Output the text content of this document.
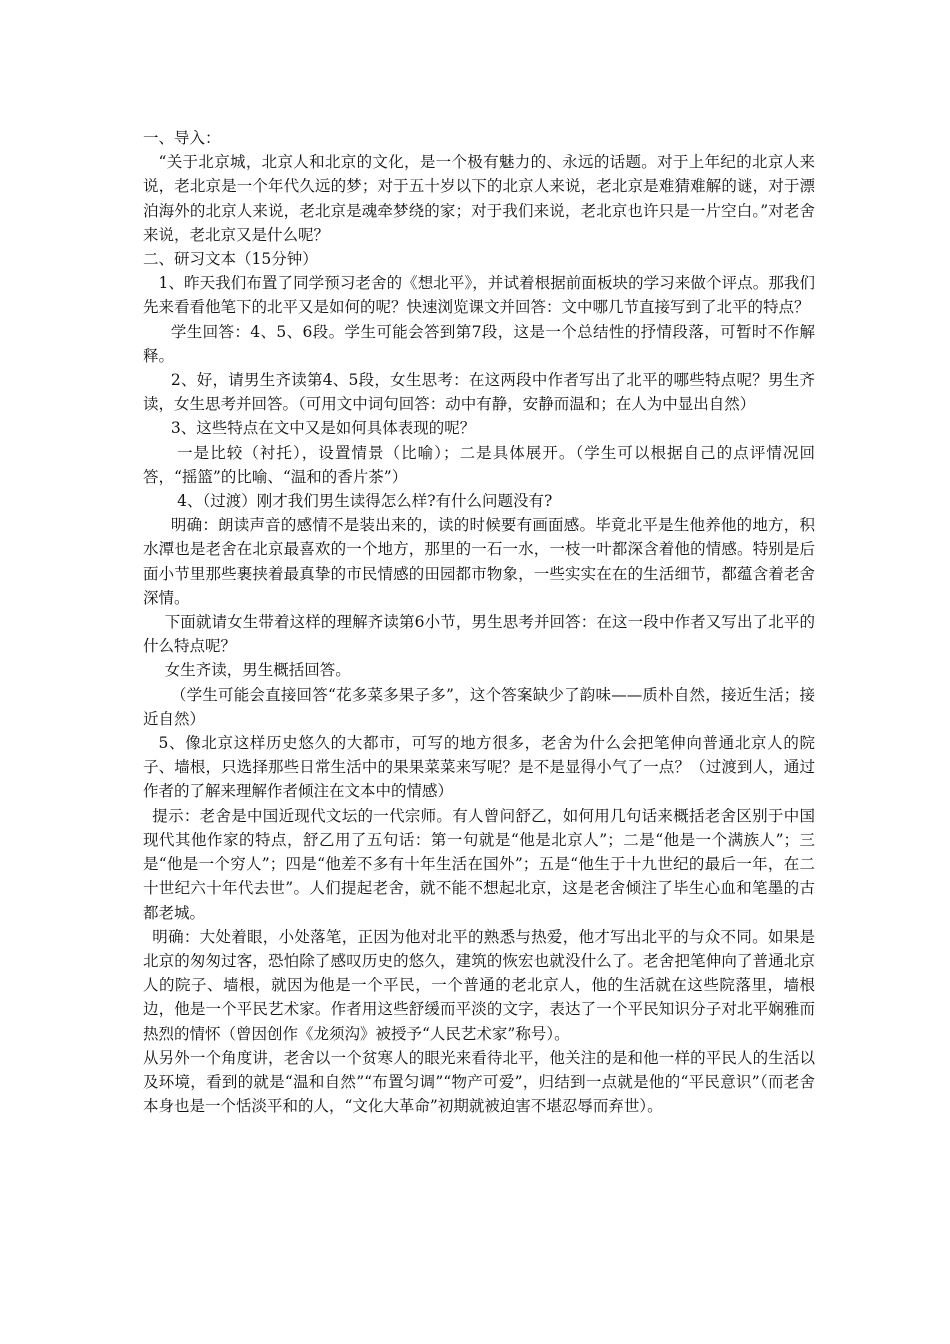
一、导入：

“关于北京城，北京人和北京的文化，是一个极有魅力的、永远的话题。对于上年纪的北京人来说，老北京是一个年代久远的梦；对于五十岁以下的北京人来说，老北京是难猜难解的谜，对于漂泊海外的北京人来说，老北京是魂牵梦绕的家；对于我们来说，老北京也许只是一片空白。”对老舍来说，老北京又是什么呢？

二、研习文本（15分钟）

1、昨天我们布置了同学预习老舍的《想北平》，并试着根据前面板块的学习来做个评点。那我们先来看看他笔下的北平又是如何的呢？快速浏览课文并回答：文中哪几节直接写到了北平的特点？

学生回答：4、5、6段。学生可能会答到第7段，这是一个总结性的抒情段落，可暂时不作解释。

2、好，请男生齐读第4、5段，女生思考：在这两段中作者写出了北平的哪些特点呢？男生齐读，女生思考并回答。（可用文中词句回答：动中有静，安静而温和；在人为中显出自然）

3、这些特点在文中又是如何具体表现的呢？

一是比较（衬托），设置情景（比喻）；二是具体展开。（学生可以根据自己的点评情况回答，“摇篮”的比喻、“温和的香片茶”）

4、（过渡）刚才我们男生读得怎么样?有什么问题没有?

明确：朗读声音的感情不是装出来的，读的时候要有画面感。毕竟北平是生他养他的地方，积水潭也是老舍在北京最喜欢的一个地方，那里的一石一水，一枝一叶都深含着他的情感。特别是后面小节里那些裹挟着最真挚的市民情感的田园都市物象，一些实实在在的生活细节，都蕴含着老舍深情。

下面就请女生带着这样的理解齐读第6小节，男生思考并回答：在这一段中作者又写出了北平的什么特点呢？

女生齐读，男生概括回答。

（学生可能会直接回答“花多菜多果子多”，这个答案缺少了韵味——质朴自然，接近生活；接近自然）

5、像北京这样历史悠久的大都市，可写的地方很多，老舍为什么会把笔伸向普通北京人的院子、墙根，只选择那些日常生活中的果果菜菜来写呢？是不是显得小气了一点？（过渡到人，通过作者的了解来理解作者倾注在文本中的情感）

提示：老舍是中国近现代文坛的一代宗师。有人曾问舒乙，如何用几句话来概括老舍区别于中国现代其他作家的特点，舒乙用了五句话：第一句就是“他是北京人”；二是“他是一个满族人”；三是“他是一个穷人”；四是“他差不多有十年生活在国外”；五是“他生于十九世纪的最后一年，在二十世纪六十年代去世”。人们提起老舍，就不能不想起北京，这是老舍倾注了毕生心血和笔墨的古都老城。

明确：大处着眼，小处落笔，正因为他对北平的熟悉与热爱，他才写出北平的与众不同。如果是北京的匆匆过客，恐怕除了感叹历史的悠久，建筑的恢宏也就没什么了。老舍把笔伸向了普通北京人的院子、墙根，就因为他是一个平民，一个普通的老北京人，他的生活就在这些院落里，墙根边，他是一个平民艺术家。作者用这些舒缓而平淡的文字，表达了一个平民知识分子对北平娴雅而热烈的情怀（曾因创作《龙须沟》被授予“人民艺术家”称号）。

从另外一个角度讲，老舍以一个贫寒人的眼光来看待北平，他关注的是和他一样的平民人的生活以及环境，看到的就是“温和自然”“布置匀调”“物产可爱”，归结到一点就是他的“平民意识”（而老舍本身也是一个恬淡平和的人，“文化大革命”初期就被迫害不堪忍辱而弃世）。
